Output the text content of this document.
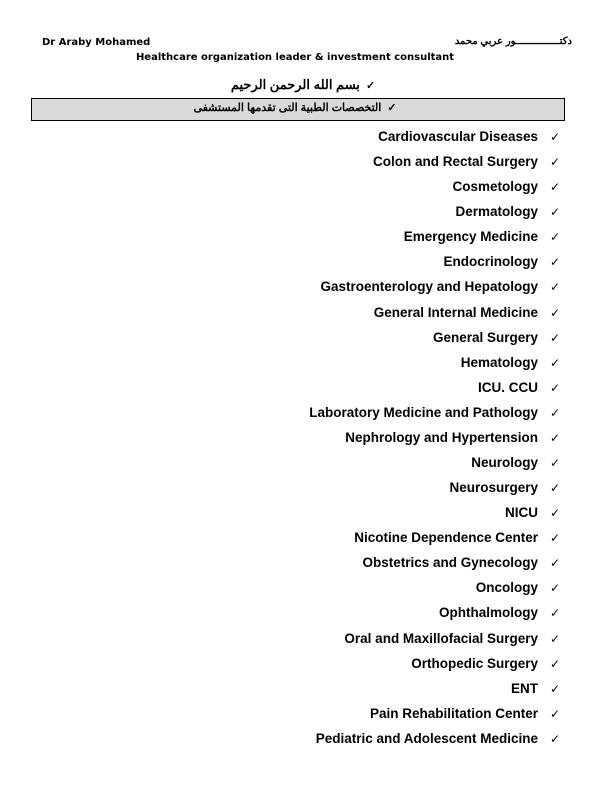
Dr Araby Mohamed	دكتـــــــــــــــور عربي محمد
Healthcare organization leader & investment consultant
✓بسم الله الرحمن الرحيم
✓التخصصات الطبية التى تقدمها المستشفى
Cardiovascular Diseases ✓
Colon and Rectal Surgery ✓
Cosmetology ✓
Dermatology ✓
Emergency Medicine ✓
Endocrinology ✓
Gastroenterology and Hepatology ✓
General Internal Medicine ✓
General Surgery ✓
Hematology ✓
ICU. CCU ✓
Laboratory Medicine and Pathology ✓
Nephrology and Hypertension ✓
Neurology ✓
Neurosurgery ✓
NICU ✓
Nicotine Dependence Center ✓
Obstetrics and Gynecology ✓
Oncology ✓
Ophthalmology ✓
Oral and Maxillofacial Surgery ✓
Orthopedic Surgery ✓
ENT ✓
Pain Rehabilitation Center ✓
Pediatric and Adolescent Medicine ✓
